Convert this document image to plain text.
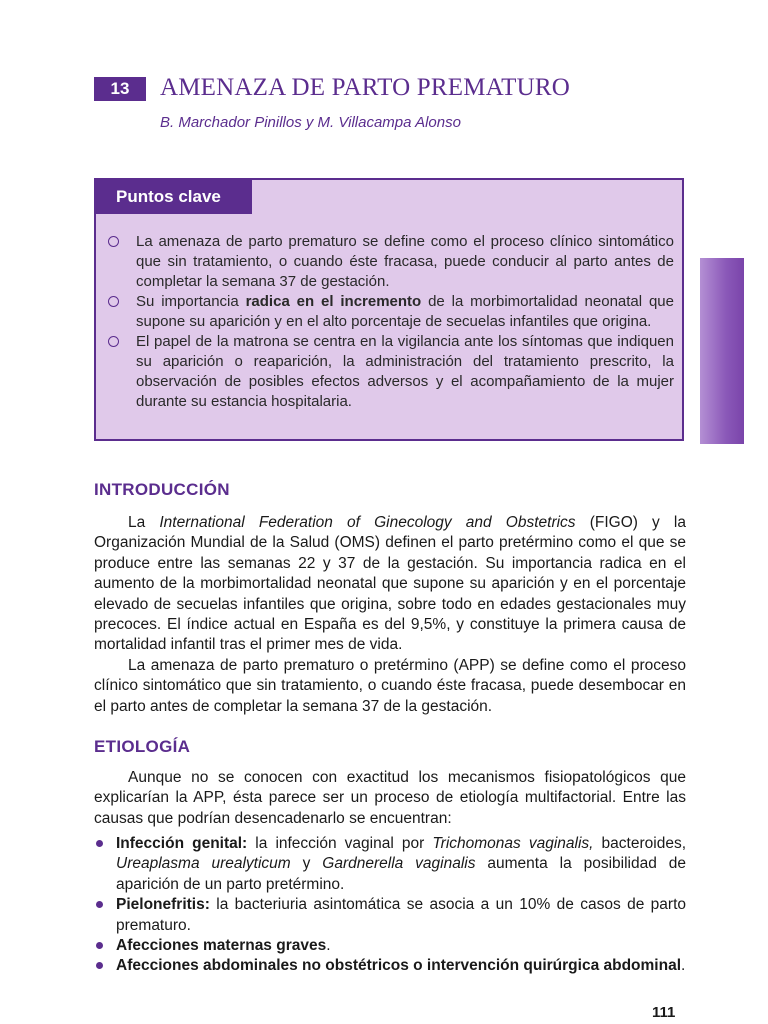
13	AMENAZA DE PARTO PREMATURO
B. Marchador Pinillos y M. Villacampa Alonso
Puntos clave
La amenaza de parto prematuro se define como el proceso clínico sintomático que sin tratamiento, o cuando éste fracasa, puede conducir al parto antes de completar la semana 37 de gestación.
Su importancia radica en el incremento de la morbimortalidad neonatal que supone su aparición y en el alto porcentaje de secuelas infantiles que origina.
El papel de la matrona se centra en la vigilancia ante los síntomas que indiquen su aparición o reaparición, la administración del tratamiento prescrito, la observación de posibles efectos adversos y el acompañamiento de la mujer durante su estancia hospitalaria.
INTRODUCCIÓN

La International Federation of Ginecology and Obstetrics (FIGO) y la Organización Mundial de la Salud (OMS) definen el parto pretérmino como el que se produce entre las semanas 22 y 37 de la gestación. Su importancia radica en el aumento de la morbimortalidad neonatal que supone su aparición y en el porcentaje elevado de secuelas infantiles que origina, sobre todo en edades gestacionales muy precoces. El índice actual en España es del 9,5%, y constituye la primera causa de mortalidad infantil tras el primer mes de vida.

La amenaza de parto prematuro o pretérmino (APP) se define como el proceso clínico sintomático que sin tratamiento, o cuando éste fracasa, puede desembocar en el parto antes de completar la semana 37 de la gestación.

ETIOLOGÍA

Aunque no se conocen con exactitud los mecanismos fisiopatológicos que explicarían la APP, ésta parece ser un proceso de etiología multifactorial. Entre las causas que podrían desencadenarlo se encuentran:

Infección genital: la infección vaginal por Trichomonas vaginalis, bacteroides, Ureaplasma urealyticum y Gardnerella vaginalis aumenta la posibilidad de aparición de un parto pretérmino.
Pielonefritis: la bacteriuria asintomática se asocia a un 10% de casos de parto prematuro.
Afecciones maternas graves.
Afecciones abdominales no obstétricos o intervención quirúrgica abdominal.
111
